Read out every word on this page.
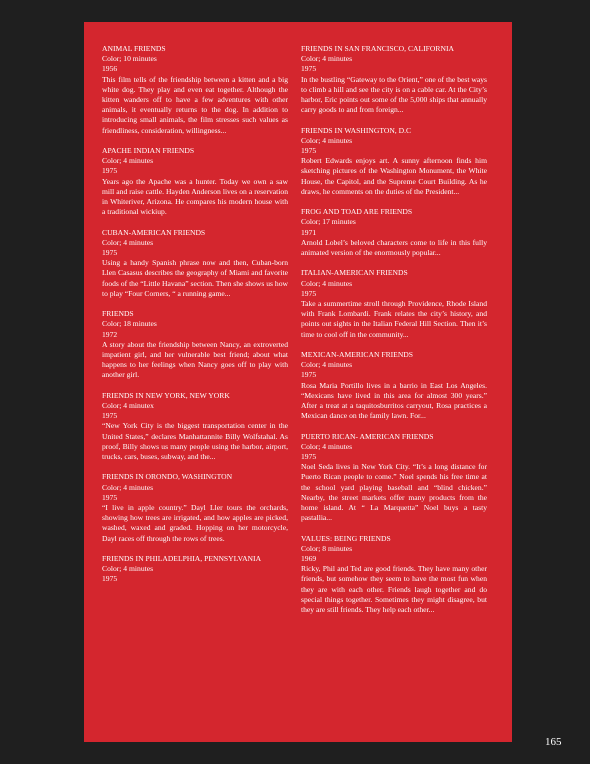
ANIMAL FRIENDS
Color; 10 minutes
1956
This film tells of the friendship between a kitten and a big white dog. They play and even eat together. Although the kitten wanders off to have a few adventures with other animals, it eventually returns to the dog. In addition to introducing small animals, the film stresses such values as friendliness, consideration, willingness...
APACHE INDIAN FRIENDS
Color; 4 minutes
1975
Years ago the Apache was a hunter. Today we own a saw mill and raise cattle. Hayden Anderson lives on a reservation in Whiteriver, Arizona. He compares his modern house with a traditional wickiup.
CUBAN-AMERICAN FRIENDS
Color; 4 minutes
1975
Using a handy Spanish phrase now and then, Cuban-born Llen Casasus describes the geography of Miami and favorite foods of the “Little Havana” section. Then she shows us how to play “Four Corners, “ a running game...
FRIENDS
Color; 18 minutes
1972
A story about the friendship between Nancy, an extroverted impatient girl, and her vulnerable best friend; about what happens to her feelings when Nancy goes off to play with another girl.
FRIENDS IN NEW YORK, NEW YORK
Color; 4 minutex
1975
“New York City is the biggest transportation center in the United States,” declares Manhattannite Billy Wolfstahal. As proof, Billy shows us many people using the harbor, airport, trucks, cars, buses, subway, and the...
FRIENDS IN ORONDO, WASHINGTON
Color; 4 minutes
1975
“I live in apple country.” Dayl Ller tours the orchards, showing how trees are irrigated, and how apples are picked, washed, waxed and graded. Hopping on her motorcycle, Dayl races off through the rows of trees.
FRIENDS IN PHILADELPHIA, PENNSYLVANIA
Color; 4 minutes
1975
FRIENDS IN SAN FRANCISCO, CALIFORNIA
Color; 4 minutes
1975
In the bustling “Gateway to the Orient,” one of the best ways to climb a hill and see the city is on a cable car. At the City’s harbor, Eric points out some of the 5,000 ships that annually carry goods to and from foreign...
FRIENDS IN WASHINGTON, D.C
Color; 4 minutes
1975
Robert Edwards enjoys art. A sunny afternoon finds him sketching pictures of the Washington Monument, the White House, the Capitol, and the Supreme Court Building. As he draws, he comments on the duties of the President...
FROG AND TOAD ARE FRIENDS
Color; 17 minutes
1971
Arnold Lobel’s beloved characters come to life in this fully animated version of the enormously popular...
ITALIAN-AMERICAN FRIENDS
Color; 4 minutes
1975
Take a summertime stroll through Providence, Rhode Island with Frank Lombardi. Frank relates the city’s history, and points out sights in the Italian Federal Hill Section. Then it’s time to cool off in the community...
MEXICAN-AMERICAN FRIENDS
Color; 4 minutes
1975
Rosa Maria Portillo lives in a barrio in East Los Angeles. “Mexicans have lived in this area for almost 300 years.” After a treat at a taquitosburritos carryout, Rosa practices a Mexican dance on the family lawn. For...
PUERTO RICAN- AMERICAN FRIENDS
Color; 4 minutes
1975
Noel Seda lives in New York City. “It’s a long distance for Puerto Rican people to come.” Noel spends his free time at the school yard playing baseball and “blind chicken.” Nearby, the street markets offer many products from the home island. At “ La Marquetta” Noel buys a tasty pastallia...
VALUES: BEING FRIENDS
Color; 8 minutes
1969
Ricky, Phil and Ted are good friends. They have many other friends, but somehow they seem to have the most fun when they are with each other. Friends laugh together and do special things together. Sometimes they might disagree, but they are still friends. They help each other...
165
